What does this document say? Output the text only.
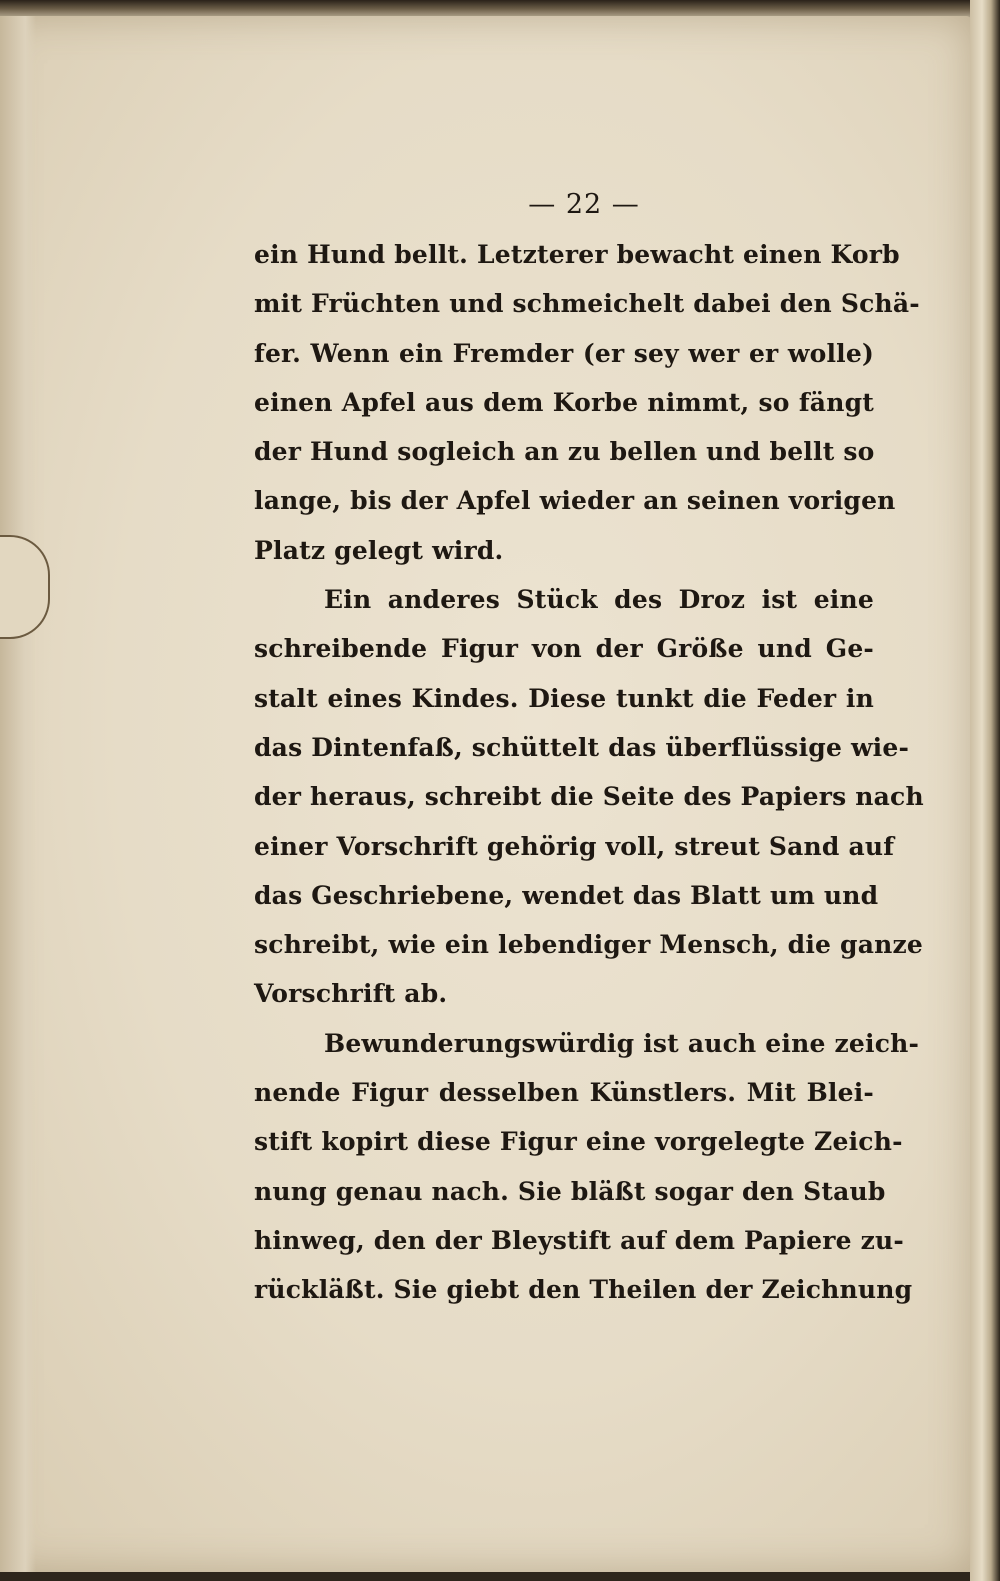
— 22 —
ein Hund bellt. Letzterer bewacht einen Korb
mit Früchten und schmeichelt dabei den Schä-
fer. Wenn ein Fremder (er sey wer er wolle)
einen Apfel aus dem Korbe nimmt, so fängt
der Hund sogleich an zu bellen und bellt so
lange, bis der Apfel wieder an seinen vorigen
Platz gelegt wird.
Ein anderes Stück des Droz ist eine
schreibende Figur von der Größe und Ge-
stalt eines Kindes. Diese tunkt die Feder in
das Dintenfaß, schüttelt das überflüssige wie-
der heraus, schreibt die Seite des Papiers nach
einer Vorschrift gehörig voll, streut Sand auf
das Geschriebene, wendet das Blatt um und
schreibt, wie ein lebendiger Mensch, die ganze
Vorschrift ab.
Bewunderungswürdig ist auch eine zeich-
nende Figur desselben Künstlers. Mit Blei-
stift kopirt diese Figur eine vorgelegte Zeich-
nung genau nach. Sie bläßt sogar den Staub
hinweg, den der Bleystift auf dem Papiere zu-
rückläßt. Sie giebt den Theilen der Zeichnung
